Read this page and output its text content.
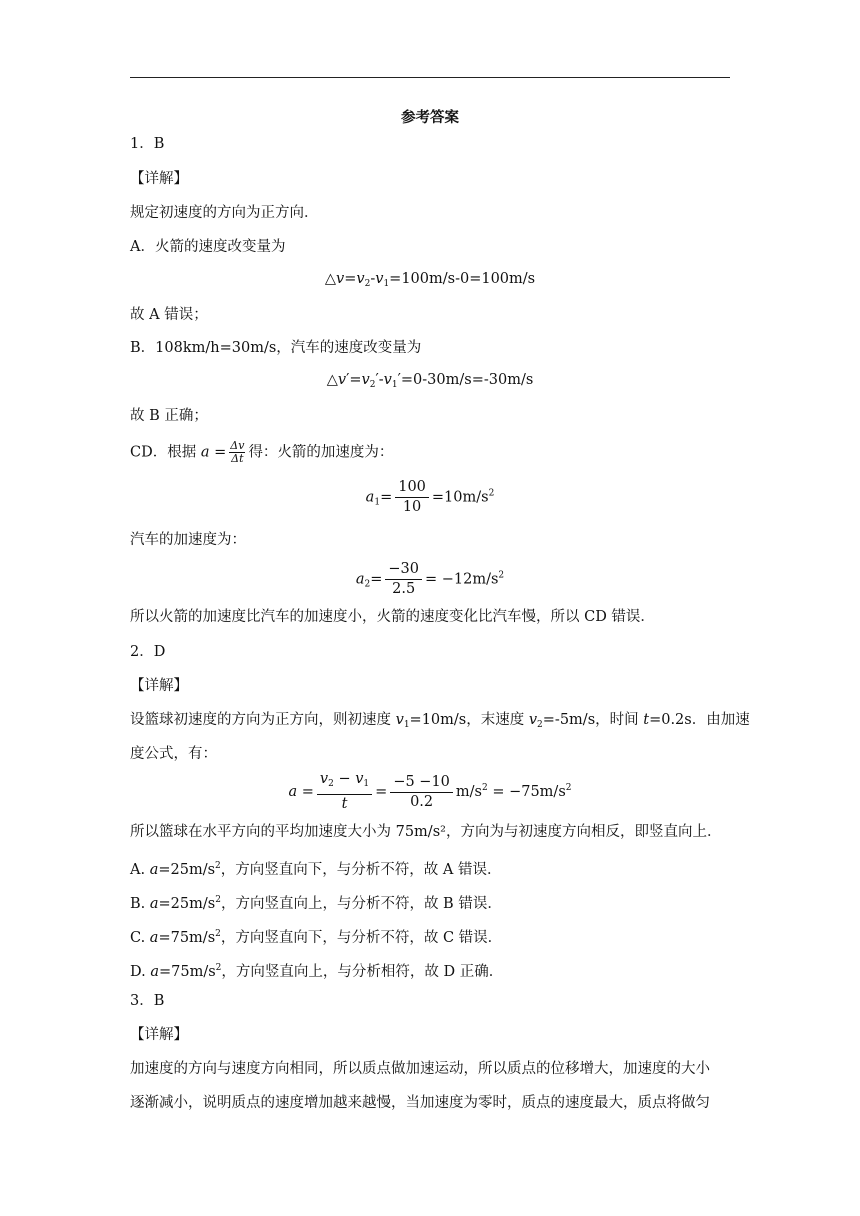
参考答案
1．B
【详解】
规定初速度的方向为正方向．
A．火箭的速度改变量为
$\triangle v=v_2-v_1=100m/s-0=100m/s$
故 A 错误；
B．108km/h=30m/s，汽车的速度改变量为
$\triangle v'=v_2'-v_1'=0-30m/s=-30m/s$
故 B 正确；
CD．根据 $a = \frac{\Delta v}{\Delta t}$ 得：火箭的加速度为：
$a_1= \frac{100}{10} =10m/s^2$
汽车的加速度为：
$a_2= \frac{-30}{2.5} = -12m/s^2$
所以火箭的加速度比汽车的加速度小，火箭的速度变化比汽车慢，所以 CD 错误．
2．D
【详解】
设篮球初速度的方向为正方向，则初速度 $v_1=10m/s$，末速度 $v_2=-5m/s$，时间 t=0.2s．由加速
度公式，有：
$a = \frac{v_2 - v_1}{t} = \frac{-5 -10}{0.2} m/s^2 = -75m/s^2$
所以篮球在水平方向的平均加速度大小为 75m/s²，方向为与初速度方向相反，即竖直向上．
A. $a=25m/s^2$，方向竖直向下，与分析不符，故 A 错误．
B. $a=25m/s^2$，方向竖直向上，与分析不符，故 B 错误．
C. $a=75m/s^2$，方向竖直向下，与分析不符，故 C 错误．
D. $a=75m/s^2$，方向竖直向上，与分析相符，故 D 正确．
3．B
【详解】
加速度的方向与速度方向相同，所以质点做加速运动，所以质点的位移增大，加速度的大小
逐渐减小，说明质点的速度增加越来越慢，当加速度为零时，质点的速度最大，质点将做匀
